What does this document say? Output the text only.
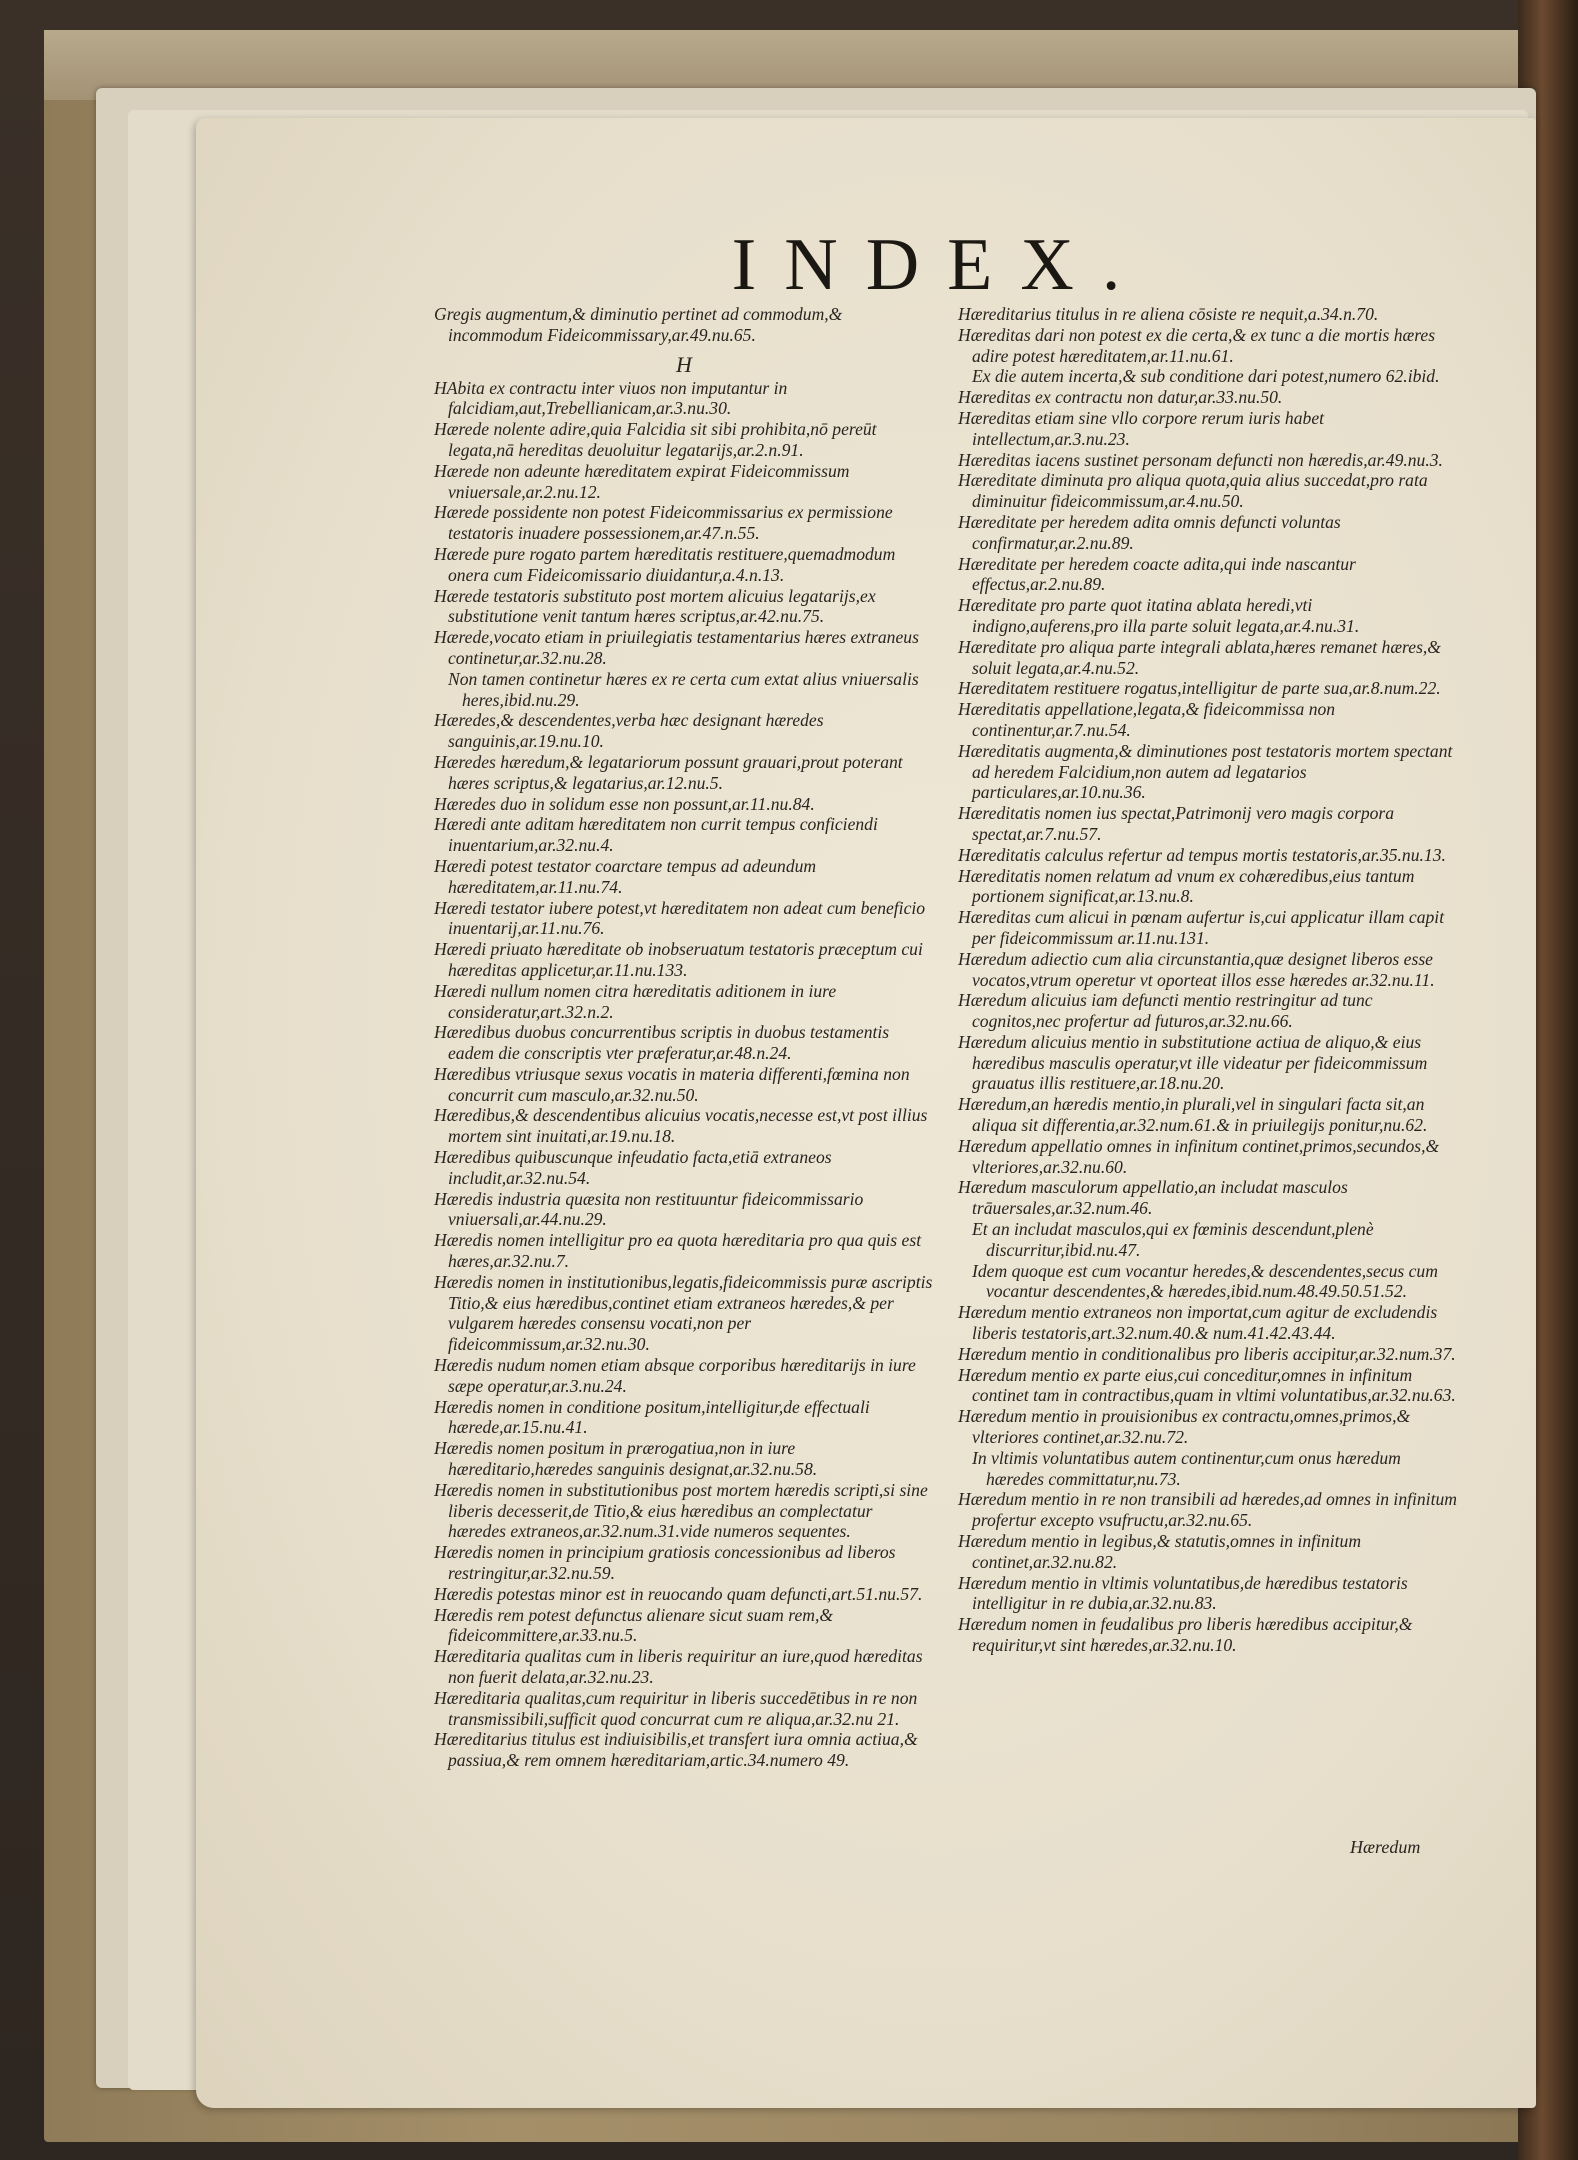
INDEX.

Gregis augmentum,& diminutio pertinet ad commodum,& incommodum Fideicommissary,ar.49.nu.65.

H

HAbita ex contractu inter viuos non imputantur in falcidiam,aut,Trebellianicam,ar.3.nu.30.

Hærede nolente adire,quia Falcidia sit sibi prohibita,nō pereūt legata,nā hereditas deuoluitur legatarijs,ar.2.n.91.

Hærede non adeunte hæreditatem expirat Fideicommissum vniuersale,ar.2.nu.12.

Hærede possidente non potest Fideicommissarius ex permissione testatoris inuadere possessionem,ar.47.n.55.

Hærede pure rogato partem hæreditatis restituere,quemadmodum onera cum Fideicomissario diuidantur,a.4.n.13.

Hærede testatoris substituto post mortem alicuius legatarijs,ex substitutione venit tantum hæres scriptus,ar.42.nu.75.

Hærede,vocato etiam in priuilegiatis testamentarius hæres extraneus continetur,ar.32.nu.28.

Non tamen continetur hæres ex re certa cum extat alius vniuersalis heres,ibid.nu.29.

Hæredes,& descendentes,verba hæc designant hæredes sanguinis,ar.19.nu.10.

Hæredes hæredum,& legatariorum possunt grauari,prout poterant hæres scriptus,& legatarius,ar.12.nu.5.

Hæredes duo in solidum esse non possunt,ar.11.nu.84.

Hæredi ante aditam hæreditatem non currit tempus conficiendi inuentarium,ar.32.nu.4.

Hæredi potest testator coarctare tempus ad adeundum hæreditatem,ar.11.nu.74.

Hæredi testator iubere potest,vt hæreditatem non adeat cum beneficio inuentarij,ar.11.nu.76.

Hæredi priuato hæreditate ob inobseruatum testatoris præceptum cui hæreditas applicetur,ar.11.nu.133.

Hæredi nullum nomen citra hæreditatis aditionem in iure consideratur,art.32.n.2.

Hæredibus duobus concurrentibus scriptis in duobus testamentis eadem die conscriptis vter præferatur,ar.48.n.24.

Hæredibus vtriusque sexus vocatis in materia differenti,fœmina non concurrit cum masculo,ar.32.nu.50.

Hæredibus,& descendentibus alicuius vocatis,necesse est,vt post illius mortem sint inuitati,ar.19.nu.18.

Hæredibus quibuscunque infeudatio facta,etiā extraneos includit,ar.32.nu.54.

Hæredis industria quæsita non restituuntur fideicommissario vniuersali,ar.44.nu.29.

Hæredis nomen intelligitur pro ea quota hæreditaria pro qua quis est hæres,ar.32.nu.7.

Hæredis nomen in institutionibus,legatis,fideicommissis puræ ascriptis Titio,& eius hæredibus,continet etiam extraneos hæredes,& per vulgarem hæredes consensu vocati,non per fideicommissum,ar.32.nu.30.

Hæredis nudum nomen etiam absque corporibus hæreditarijs in iure sæpe operatur,ar.3.nu.24.

Hæredis nomen in conditione positum,intelligitur,de effectuali hærede,ar.15.nu.41.

Hæredis nomen positum in prærogatiua,non in iure hæreditario,hæredes sanguinis designat,ar.32.nu.58.

Hæredis nomen in substitutionibus post mortem hæredis scripti,si sine liberis decesserit,de Titio,& eius hæredibus an complectatur hæredes extraneos,ar.32.num.31.vide numeros sequentes.

Hæredis nomen in principium gratiosis concessionibus ad liberos restringitur,ar.32.nu.59.

Hæredis potestas minor est in reuocando quam defuncti,art.51.nu.57.

Hæredis rem potest defunctus alienare sicut suam rem,& fideicommittere,ar.33.nu.5.

Hæreditaria qualitas cum in liberis requiritur an iure,quod hæreditas non fuerit delata,ar.32.nu.23.

Hæreditaria qualitas,cum requiritur in liberis succedētibus in re non transmissibili,sufficit quod concurrat cum re aliqua,ar.32.nu 21.

Hæreditarius titulus est indiuisibilis,et transfert iura omnia actiua,& passiua,& rem omnem hæreditariam,artic.34.numero 49.

Hæreditarius titulus in re aliena cōsiste re nequit,a.34.n.70.

Hæreditas dari non potest ex die certa,& ex tunc a die mortis hæres adire potest hæreditatem,ar.11.nu.61.

Ex die autem incerta,& sub conditione dari potest,numero 62.ibid.

Hæreditas ex contractu non datur,ar.33.nu.50.

Hæreditas etiam sine vllo corpore rerum iuris habet intellectum,ar.3.nu.23.

Hæreditas iacens sustinet personam defuncti non hæredis,ar.49.nu.3.

Hæreditate diminuta pro aliqua quota,quia alius succedat,pro rata diminuitur fideicommissum,ar.4.nu.50.

Hæreditate per heredem adita omnis defuncti voluntas confirmatur,ar.2.nu.89.

Hæreditate per heredem coacte adita,qui inde nascantur effectus,ar.2.nu.89.

Hæreditate pro parte quot itatina ablata heredi,vti indigno,auferens,pro illa parte soluit legata,ar.4.nu.31.

Hæreditate pro aliqua parte integrali ablata,hæres remanet hæres,& soluit legata,ar.4.nu.52.

Hæreditatem restituere rogatus,intelligitur de parte sua,ar.8.num.22.

Hæreditatis appellatione,legata,& fideicommissa non continentur,ar.7.nu.54.

Hæreditatis augmenta,& diminutiones post testatoris mortem spectant ad heredem Falcidium,non autem ad legatarios particulares,ar.10.nu.36.

Hæreditatis nomen ius spectat,Patrimonij vero magis corpora spectat,ar.7.nu.57.

Hæreditatis calculus refertur ad tempus mortis testatoris,ar.35.nu.13.

Hæreditatis nomen relatum ad vnum ex cohæredibus,eius tantum portionem significat,ar.13.nu.8.

Hæreditas cum alicui in pœnam aufertur is,cui applicatur illam capit per fideicommissum ar.11.nu.131.

Hæredum adiectio cum alia circunstantia,quæ designet liberos esse vocatos,vtrum operetur vt oporteat illos esse hæredes ar.32.nu.11.

Hæredum alicuius iam defuncti mentio restringitur ad tunc cognitos,nec profertur ad futuros,ar.32.nu.66.

Hæredum alicuius mentio in substitutione actiua de aliquo,& eius hæredibus masculis operatur,vt ille videatur per fideicommissum grauatus illis restituere,ar.18.nu.20.

Hæredum,an hæredis mentio,in plurali,vel in singulari facta sit,an aliqua sit differentia,ar.32.num.61.& in priuilegijs ponitur,nu.62.

Hæredum appellatio omnes in infinitum continet,primos,secundos,& vlteriores,ar.32.nu.60.

Hæredum masculorum appellatio,an includat masculos trāuersales,ar.32.num.46.

Et an includat masculos,qui ex fœminis descendunt,plenè discurritur,ibid.nu.47.

Idem quoque est cum vocantur heredes,& descendentes,secus cum vocantur descendentes,& hæredes,ibid.num.48.49.50.51.52.

Hæredum mentio extraneos non importat,cum agitur de excludendis liberis testatoris,art.32.num.40.& num.41.42.43.44.

Hæredum mentio in conditionalibus pro liberis accipitur,ar.32.num.37.

Hæredum mentio ex parte eius,cui conceditur,omnes in infinitum continet tam in contractibus,quam in vltimi voluntatibus,ar.32.nu.63.

Hæredum mentio in prouisionibus ex contractu,omnes,primos,& vlteriores continet,ar.32.nu.72.

In vltimis voluntatibus autem continentur,cum onus hæredum hæredes committatur,nu.73.

Hæredum mentio in re non transibili ad hæredes,ad omnes in infinitum profertur excepto vsufructu,ar.32.nu.65.

Hæredum mentio in legibus,& statutis,omnes in infinitum continet,ar.32.nu.82.

Hæredum mentio in vltimis voluntatibus,de hæredibus testatoris intelligitur in re dubia,ar.32.nu.83.

Hæredum nomen in feudalibus pro liberis hæredibus accipitur,& requiritur,vt sint hæredes,ar.32.nu.10.

Hæredum
